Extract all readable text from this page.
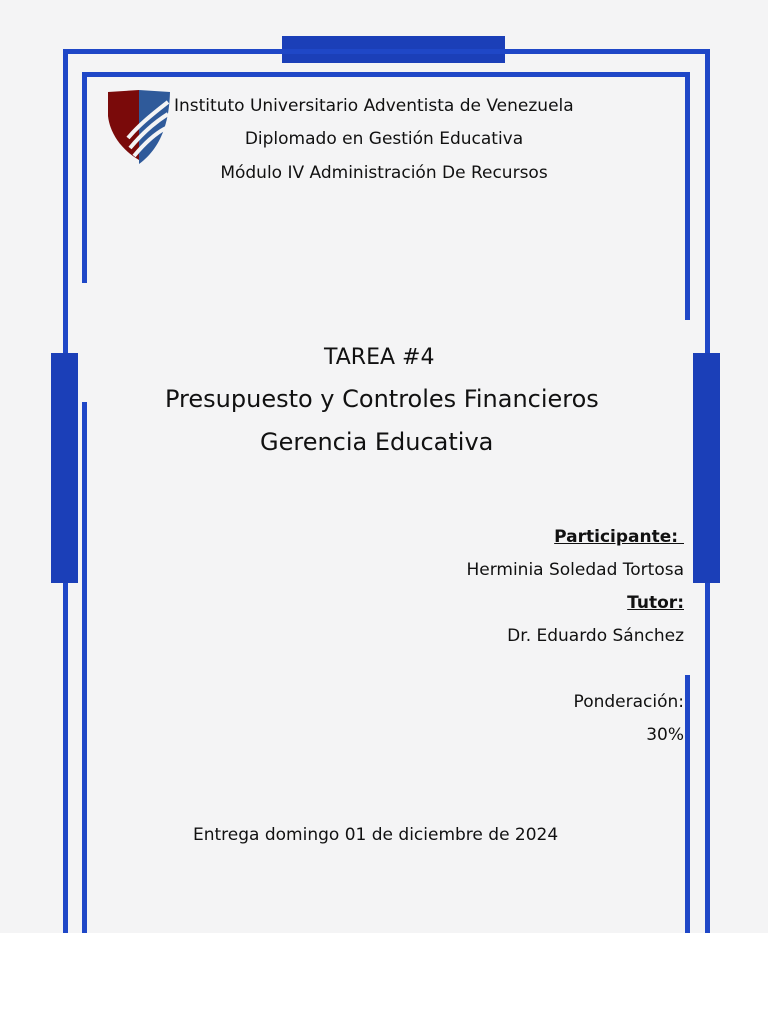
Instituto Universitario Adventista de Venezuela
Diplomado en Gestión Educativa
Módulo IV Administración De Recursos
TAREA #4
Presupuesto y Controles Financieros
Gerencia Educativa
Participante:
Herminia Soledad Tortosa
Tutor:
Dr. Eduardo Sánchez
Ponderación:
30%
Entrega domingo 01 de diciembre de 2024
